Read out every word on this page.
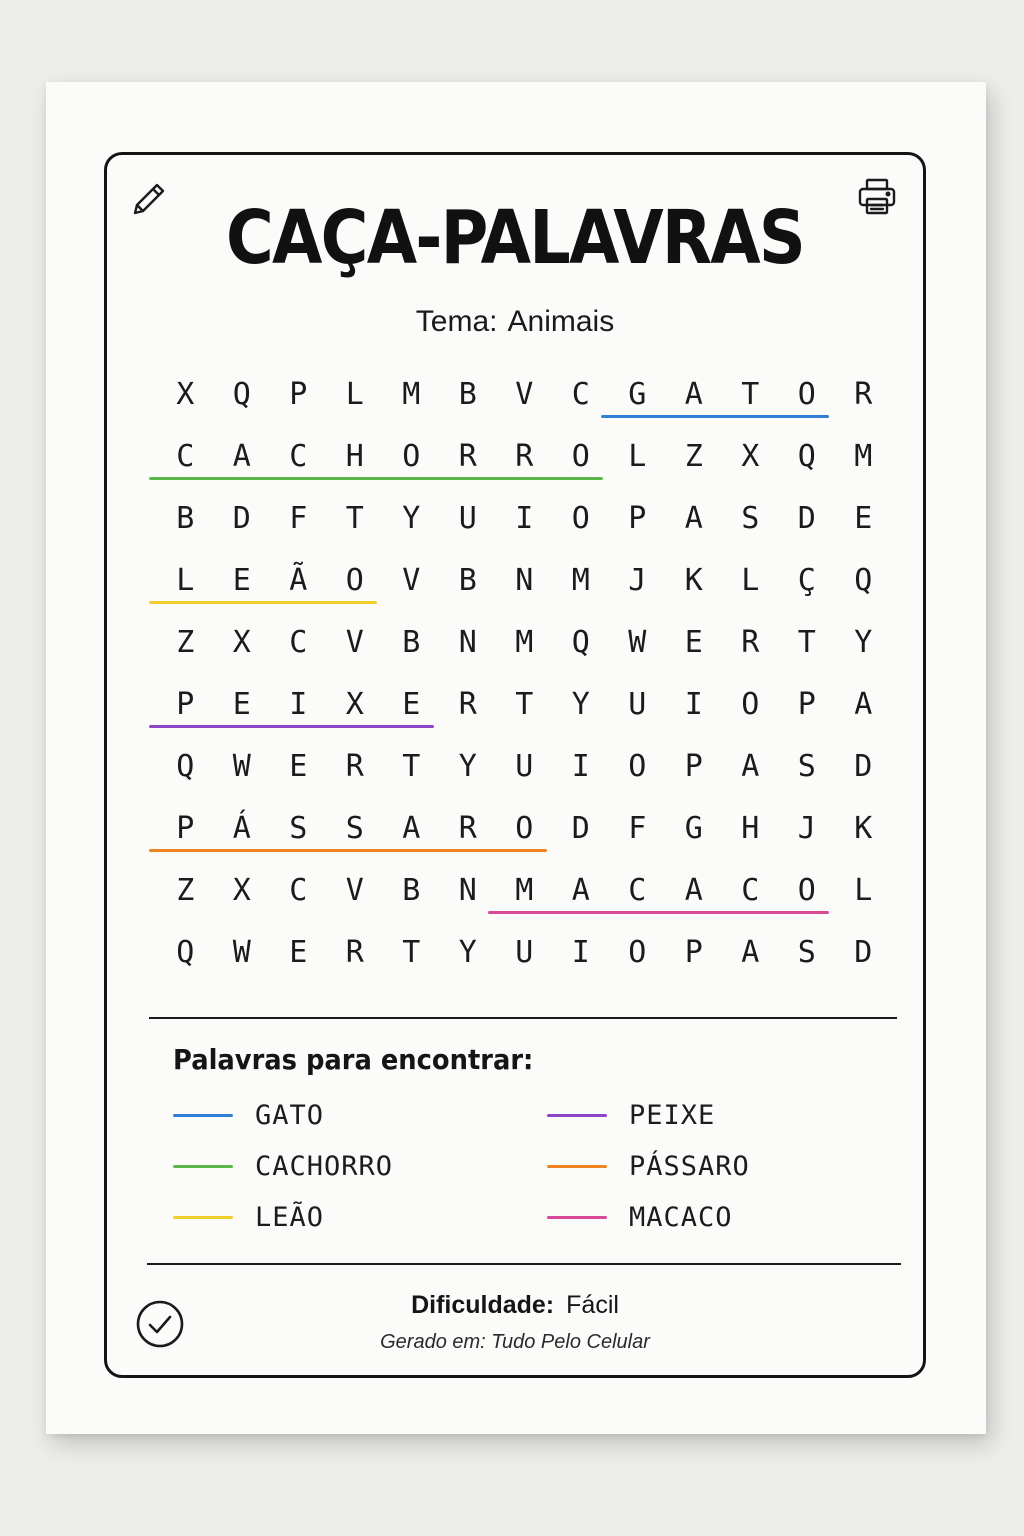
CAÇA-PALAVRAS
Tema: Animais
X	Q	P	L	M	B	V	C	G	A	T	O	R
C	A	C	H	O	R	R	O	L	Z	X	Q	M
B	D	F	T	Y	U	I	O	P	A	S	D	E
L	E	Ã	O	V	B	N	M	J	K	L	Ç	Q
Z	X	C	V	B	N	M	Q	W	E	R	T	Y
P	E	I	X	E	R	T	Y	U	I	O	P	A
Q	W	E	R	T	Y	U	I	O	P	A	S	D
P	Á	S	S	A	R	O	D	F	G	H	J	K
Z	X	C	V	B	N	M	A	C	A	C	O	L
Q	W	E	R	T	Y	U	I	O	P	A	S	D
Palavras para encontrar:
GATO
CACHORRO
LEÃO
PEIXE
PÁSSARO
MACACO
Dificuldade: Fácil
Gerado em: Tudo Pelo Celular
